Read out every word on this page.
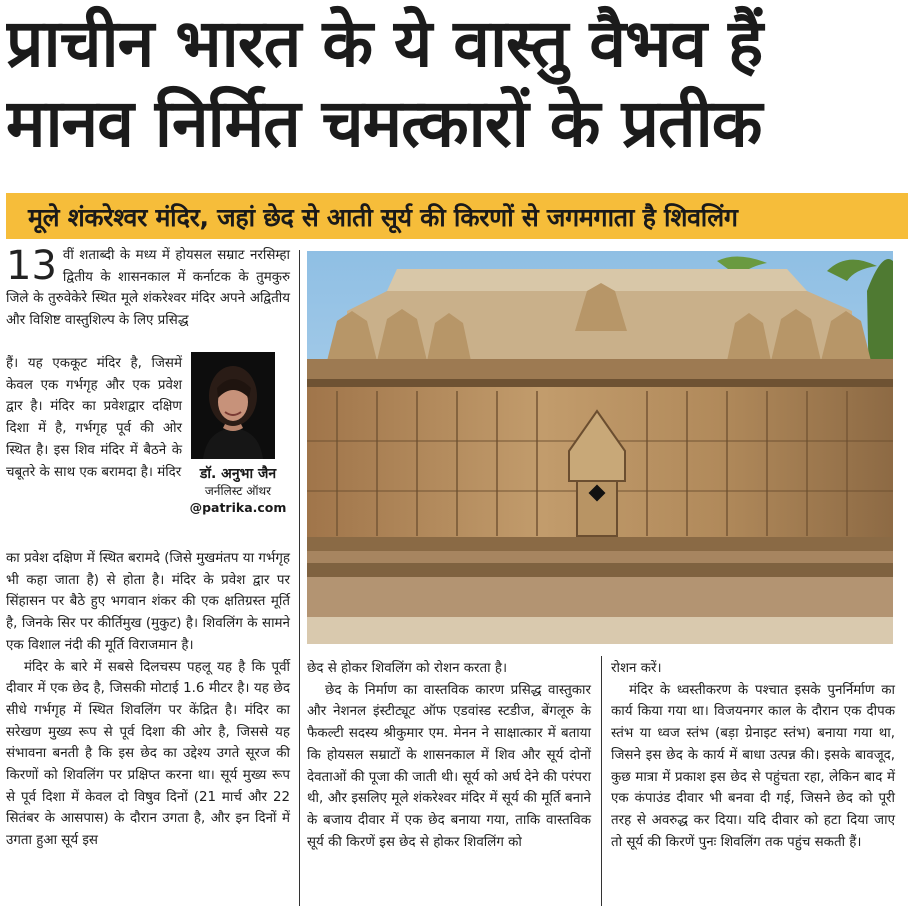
प्राचीन भारत के ये वास्तु वैभव हैं
मानव निर्मित चमत्कारों के प्रतीक
मूले शंकरेश्वर मंदिर, जहां छेद से आती सूर्य की किरणों से जगमगाता है शिवलिंग
13 वीं शताब्दी के मध्य में होयसल सम्राट नरसिम्हा द्वितीय के शासनकाल में कर्नाटक के तुमकुरु जिले के तुरुवेकेरे स्थित मूले शंकरेश्वर मंदिर अपने अद्वितीय और विशिष्ट वास्तुशिल्प के लिए प्रसिद्ध

हैं। यह एककूट मंदिर है, जिसमें केवल एक गर्भगृह और एक प्रवेश द्वार है। मंदिर का प्रवेशद्वार दक्षिण दिशा में है, गर्भगृह पूर्व की ओर स्थित है। इस शिव मंदिर में बैठने के चबूतरे के साथ एक बरामदा है। मंदिर	डॉ. अनुभा जैन
जर्नलिस्ट ऑथर
@patrika.com

का प्रवेश दक्षिण में स्थित बरामदे (जिसे मुखमंतप या गर्भगृह भी कहा जाता है) से होता है। मंदिर के प्रवेश द्वार पर सिंहासन पर बैठे हुए भगवान शंकर की एक क्षतिग्रस्त मूर्ति है, जिनके सिर पर कीर्तिमुख (मुकुट) है। शिवलिंग के सामने एक विशाल नंदी की मूर्ति विराजमान है।

मंदिर के बारे में सबसे दिलचस्प पहलू यह है कि पूर्वी दीवार में एक छेद है, जिसकी मोटाई 1.6 मीटर है। यह छेद सीधे गर्भगृह में स्थित शिवलिंग पर केंद्रित है। मंदिर का सरेखण मुख्य रूप से पूर्व दिशा की ओर है, जिससे यह संभावना बनती है कि इस छेद का उद्देश्य उगते सूरज की किरणों को शिवलिंग पर प्रक्षिप्त करना था। सूर्य मुख्य रूप से पूर्व दिशा में केवल दो विषुव दिनों (21 मार्च और 22 सितंबर के आसपास) के दौरान उगता है, और इन दिनों में उगता हुआ सूर्य इस

छेद से होकर शिवलिंग को रोशन करता है।

छेद के निर्माण का वास्तविक कारण प्रसिद्ध वास्तुकार और नेशनल इंस्टीट्यूट ऑफ एडवांस्ड स्टडीज, बेंगलूरु के फैकल्टी सदस्य श्रीकुमार एम. मेनन ने साक्षात्कार में बताया कि होयसल सम्राटों के शासनकाल में शिव और सूर्य दोनों देवताओं की पूजा की जाती थी। सूर्य को अर्घ देने की परंपरा थी, और इसलिए मूले शंकरेश्वर मंदिर में सूर्य की मूर्ति बनाने के बजाय दीवार में एक छेद बनाया गया, ताकि वास्तविक सूर्य की किरणें इस छेद से होकर शिवलिंग को

रोशन करें।

मंदिर के ध्वस्तीकरण के पश्चात इसके पुनर्निर्माण का कार्य किया गया था। विजयनगर काल के दौरान एक दीपक स्तंभ या ध्वज स्तंभ (बड़ा ग्रेनाइट स्तंभ) बनाया गया था, जिसने इस छेद के कार्य में बाधा उत्पन्न की। इसके बावजूद, कुछ मात्रा में प्रकाश इस छेद से पहुंचता रहा, लेकिन बाद में एक कंपाउंड दीवार भी बनवा दी गई, जिसने छेद को पूरी तरह से अवरुद्ध कर दिया। यदि दीवार को हटा दिया जाए तो सूर्य की किरणें पुनः शिवलिंग तक पहुंच सकती हैं।
